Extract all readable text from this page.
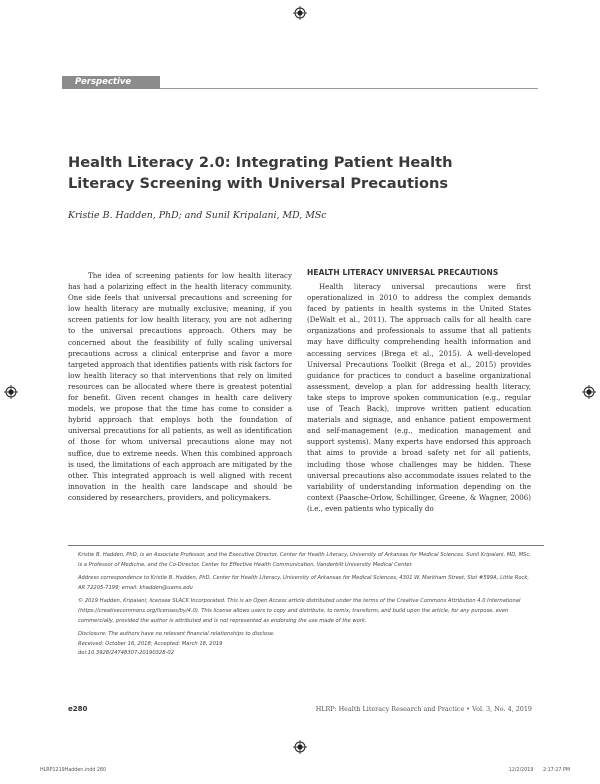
Perspective
Health Literacy 2.0: Integrating Patient Health Literacy Screening with Universal Precautions
Kristie B. Hadden, PhD; and Sunil Kripalani, MD, MSc
The idea of screening patients for low health literacy has had a polarizing effect in the health literacy community. One side feels that universal precautions and screening for low health literacy are mutually exclusive; meaning, if you screen patients for low health literacy, you are not adhering to the universal precautions approach. Others may be concerned about the feasibility of fully scaling universal precautions across a clinical enterprise and favor a more targeted approach that identifies patients with risk factors for low health literacy so that interventions that rely on limited resources can be allocated where there is greatest potential for benefit. Given recent changes in health care delivery models, we propose that the time has come to consider a hybrid approach that employs both the foundation of universal precautions for all patients, as well as identification of those for whom universal precautions alone may not suffice, due to extreme needs. When this combined approach is used, the limitations of each approach are mitigated by the other. This integrated approach is well aligned with recent innovation in the health care landscape and should be considered by researchers, providers, and policymakers.
HEALTH LITERACY UNIVERSAL PRECAUTIONS
Health literacy universal precautions were first operationalized in 2010 to address the complex demands faced by patients in health systems in the United States (DeWalt et al., 2011). The approach calls for all health care organizations and professionals to assume that all patients may have difficulty comprehending health information and accessing services (Brega et al., 2015). A well-developed Universal Precautions Toolkit (Brega et al., 2015) provides guidance for practices to conduct a baseline organizational assessment, develop a plan for addressing health literacy, take steps to improve spoken communication (e.g., regular use of Teach Back), improve written patient education materials and signage, and enhance patient empowerment and self-management (e.g., medication management and support systems). Many experts have endorsed this approach that aims to provide a broad safety net for all patients, including those whose challenges may be hidden. These universal precautions also accommodate issues related to the variability of understanding information depending on the context (Paasche-Orlow, Schillinger, Greene, & Wagner, 2006) (i.e., even patients who typically do

Kristie B. Hadden, PhD, is an Associate Professor, and the Executive Director, Center for Health Literacy, University of Arkansas for Medical Sciences. Sunil Kripalani, MD, MSc, is a Professor of Medicine, and the Co-Director, Center for Effective Health Communication, Vanderbilt University Medical Center.

Address correspondence to Kristie B. Hadden, PhD, Center for Health Literacy, University of Arkansas for Medical Sciences, 4301 W. Markham Street, Slot #599A, Little Rock, AR 72205-7199; email: khadden@uams.edu

© 2019 Hadden, Kripalani; licensee SLACK Incorporated. This is an Open Access article distributed under the terms of the Creative Commons Attribution 4.0 International (https://creativecommons.org/licenses/by/4.0). This license allows users to copy and distribute, to remix, transform, and build upon the article, for any purpose, even commercially, provided the author is attributed and is not represented as endorsing the use made of the work.

Disclosure: The authors have no relevant financial relationships to disclose.

Received: October 16, 2018; Accepted: March 18, 2019

doi:10.3928/24748307-20190328-02

e280	HLRP: Health Literacy Research and Practice • Vol. 3, No. 4, 2019
HLRP1219Hadden.indd 280	12/2/2019 2:17:27 PM
